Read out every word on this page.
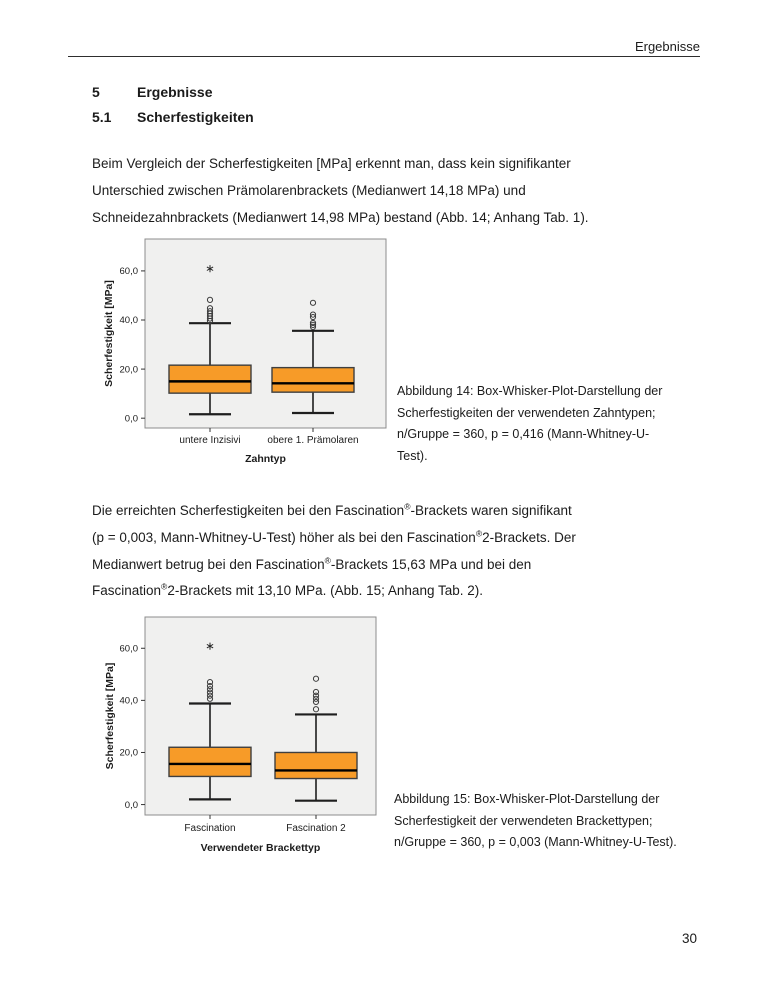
Ergebnisse
5	Ergebnisse
5.1 Scherfestigkeiten
Beim Vergleich der Scherfestigkeiten [MPa] erkennt man, dass kein signifikanter
Unterschied zwischen Prämolarenbrackets (Medianwert 14,18 MPa) und
Schneidezahnbrackets (Medianwert 14,98 MPa) bestand (Abb. 14; Anhang Tab. 1).
0,0
20,0
40,0
60,0
Scherfestigkeit [MPa]
untere Inzisivi	obere 1. Prämolaren
Zahntyp
Abbildung 14: Box-Whisker-Plot-Darstellung der
Scherfestigkeiten der verwendeten Zahntypen;
n/Gruppe = 360, p = 0,416 (Mann-Whitney-U-
Test).
Die erreichten Scherfestigkeiten bei den Fascination®-Brackets waren signifikant
(p = 0,003, Mann-Whitney-U-Test) höher als bei den Fascination®2-Brackets. Der
Medianwert betrug bei den Fascination®-Brackets 15,63 MPa und bei den
Fascination®2-Brackets mit 13,10 MPa. (Abb. 15; Anhang Tab. 2).
0,0
20,0
40,0
60,0
Scherfestigkeit [MPa]
Fascination	Fascination 2
Verwendeter Brackettyp
Abbildung 15: Box-Whisker-Plot-Darstellung der
Scherfestigkeit der verwendeten Brackettypen;
n/Gruppe = 360, p = 0,003 (Mann-Whitney-U-Test).
30
